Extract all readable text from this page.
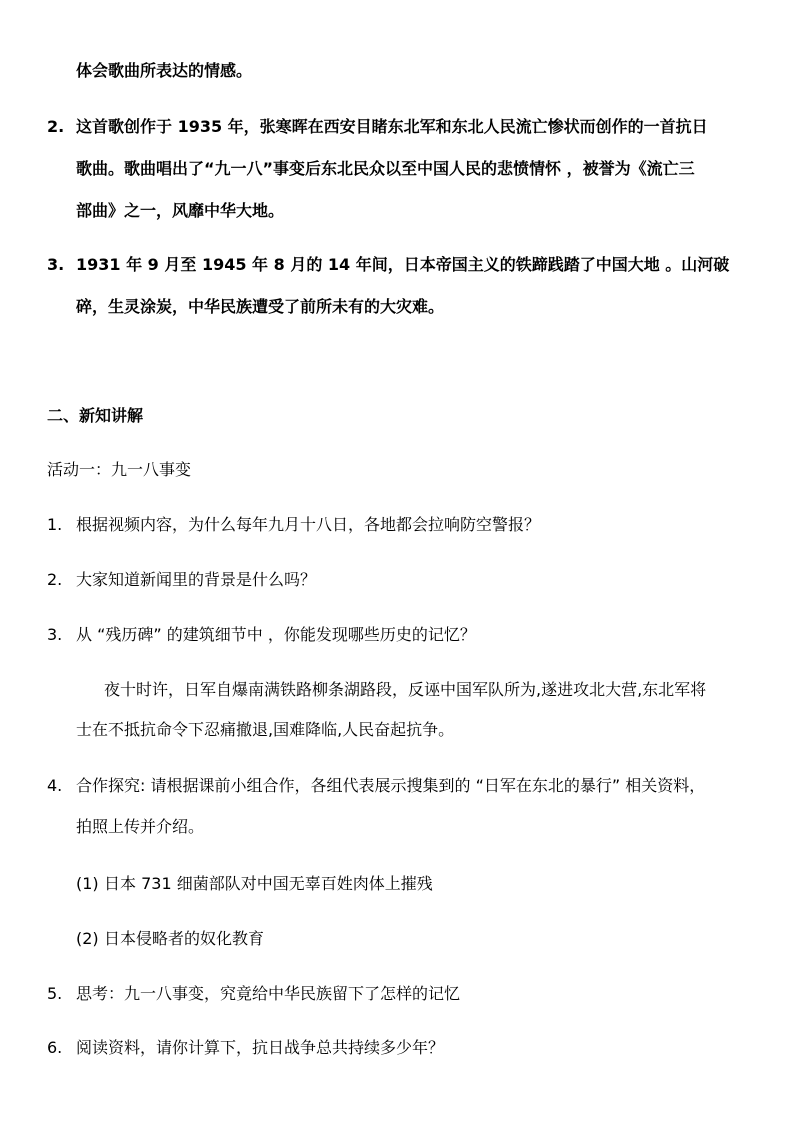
体会歌曲所表达的情感。
2. 这首歌创作于 1935 年，张寒晖在西安目睹东北军和东北人民流亡惨状而创作的一首抗日
歌曲。歌曲唱出了“九一八”事变后东北民众以至中国人民的悲愤情怀 ，被誉为《流亡三
部曲》之一，风靡中华大地。
3. 1931 年 9 月至 1945 年 8 月的 14 年间，日本帝国主义的铁蹄践踏了中国大地 。山河破
碎，生灵涂炭，中华民族遭受了前所未有的大灾难。
二、新知讲解
活动一：九一八事变
1. 根据视频内容，为什么每年九月十八日，各地都会拉响防空警报？
2. 大家知道新闻里的背景是什么吗？
3. 从 “残历碑” 的建筑细节中 ，你能发现哪些历史的记忆？
夜十时许，日军自爆南满铁路柳条湖路段，反诬中国军队所为,遂进攻北大营,东北军将
士在不抵抗命令下忍痛撤退,国难降临,人民奋起抗争。
4. 合作探究: 请根据课前小组合作，各组代表展示搜集到的 “日军在东北的暴行” 相关资料，
拍照上传并介绍。
(1) 日本 731 细菌部队对中国无辜百姓肉体上摧残
(2) 日本侵略者的奴化教育
5. 思考：九一八事变，究竟给中华民族留下了怎样的记忆
6. 阅读资料，请你计算下，抗日战争总共持续多少年？
